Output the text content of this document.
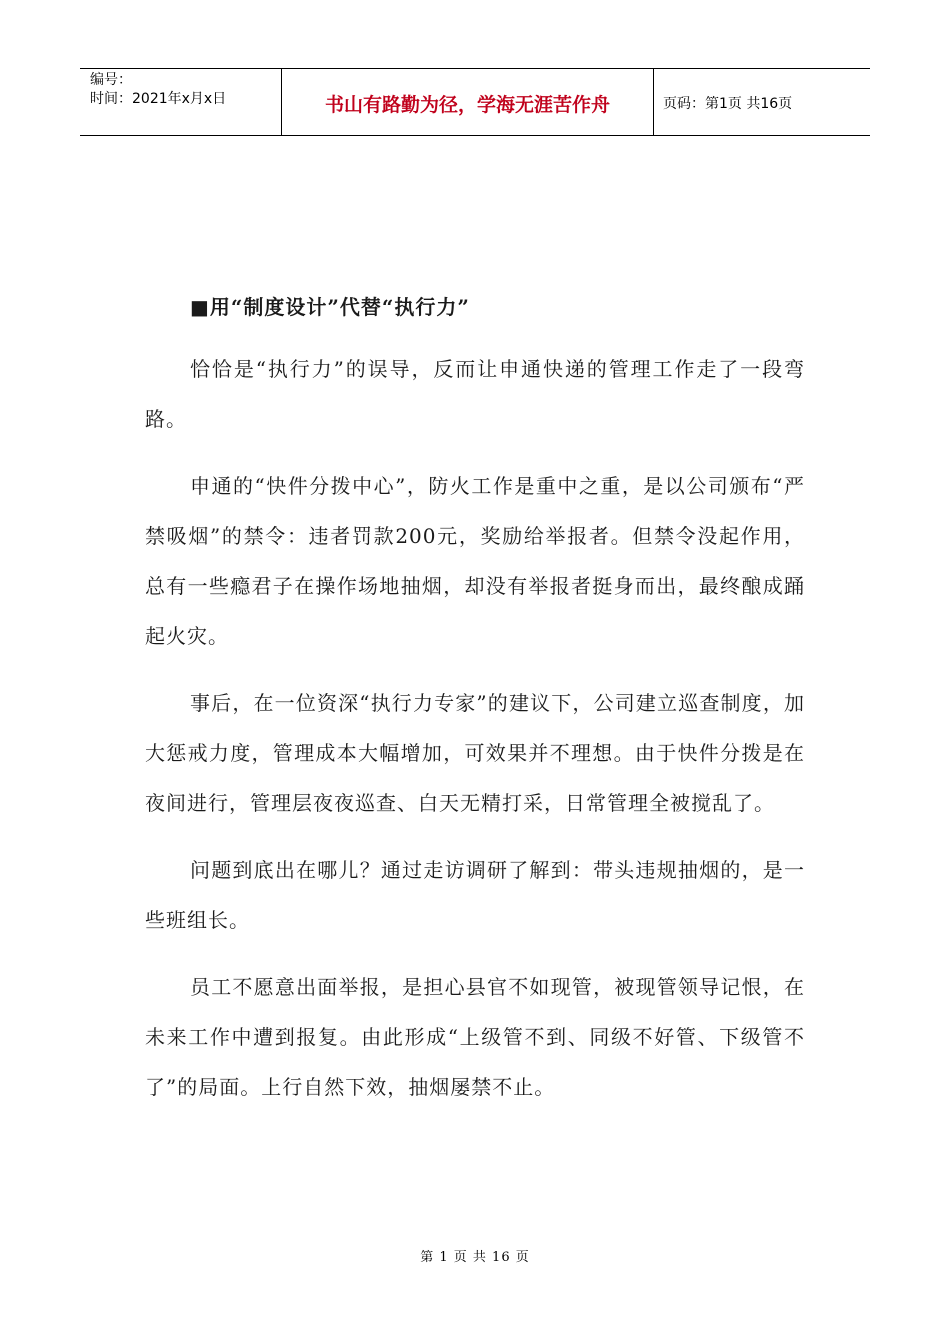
编号：
时间：2021年x月x日	书山有路勤为径，学海无涯苦作舟	页码：第1页 共16页
■用“制度设计”代替“执行力”

恰恰是“执行力”的误导，反而让申通快递的管理工作走了一段弯路。

申通的“快件分拨中心”，防火工作是重中之重，是以公司颁布“严禁吸烟”的禁令：违者罚款200元，奖励给举报者。但禁令没起作用，总有一些瘾君子在操作场地抽烟，却没有举报者挺身而出，最终酿成踊起火灾。

事后，在一位资深“执行力专家”的建议下，公司建立巡查制度，加大惩戒力度，管理成本大幅增加，可效果并不理想。由于快件分拨是在夜间进行，管理层夜夜巡查、白天无精打采，日常管理全被搅乱了。

问题到底出在哪儿？通过走访调研了解到：带头违规抽烟的，是一些班组长。

员工不愿意出面举报，是担心县官不如现管，被现管领导记恨，在未来工作中遭到报复。由此形成“上级管不到、同级不好管、下级管不了”的局面。上行自然下效，抽烟屡禁不止。

第 1 页 共 16 页
